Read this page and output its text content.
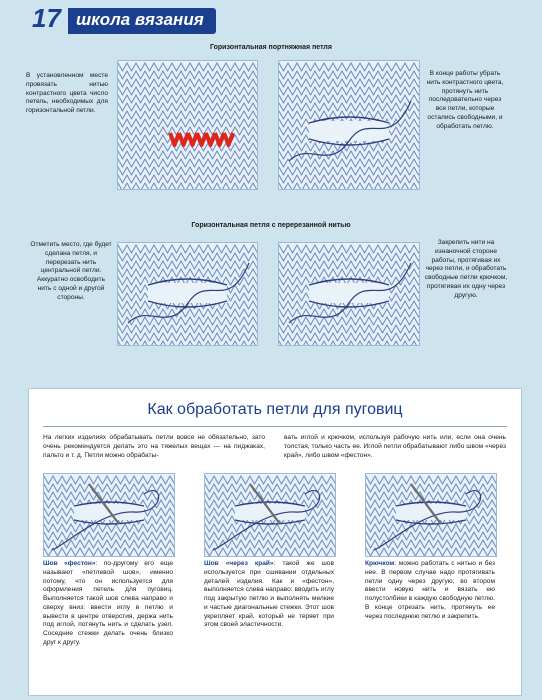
17 школа вязания
Горизонтальная портняжная петля
В установленном месте провязать нитью контрастного цвета число петель, необходимых для горизонтальной петли.
В конце работы убрать нить контрастного цвета, протянуть нить последовательно через все петли, которые остались свободными, и обработать петлю.
Горизонтальная петля с перерезанной нитью
Отметить место, где будет сделана петля, и перерезать нить центральной петли. Аккуратно освободить нить с одной и другой стороны.
Закрепить нити на изнаночной стороне работы, протягивая их через петли, и обработать свободные петли крючком, протягивая их одну через другую.
Как обработать петли для пуговиц
На легких изделиях обрабатывать петли вовсе не обязательно, зато очень рекомендуется делать это на тяжелых вещах — на пиджаках, пальто и т. д. Петли можно обрабаты-
вать иглой и крючком, используя рабочую нить или, если она очень толстая, только часть ее. Иглой петли обрабатывают либо швом «через край», либо швом «фестон».
Шов «фестон»: по-другому его еще называют «петлевой шов», именно потому, что он используется для оформления петель для пуговиц. Выполняется такой шов слева направо и сверху вниз: ввести иглу в петлю и вывести в центре отверстия, держа нить под иглой, потянуть нить и сделать узел. Соседние стежки делать очень близко друг к другу.
Шов «через край»: такой же шов используется при сшивании отдельных деталей изделия. Как и «фестон», выполняется слева направо: вводить иглу под закрытую петлю и выполнять мелкие и частые диагональные стежки. Этот шов укрепляет край, который не теряет при этом своей эластичности.
Крючком: можно работать с нитью и без нее. В первом случае надо протягивать петли одну через другую; во втором ввести новую нить и вязать ею полустолбики в каждую свободную петлю. В конце отрезать нить, протянуть ее через последнюю петлю и закрепить.
